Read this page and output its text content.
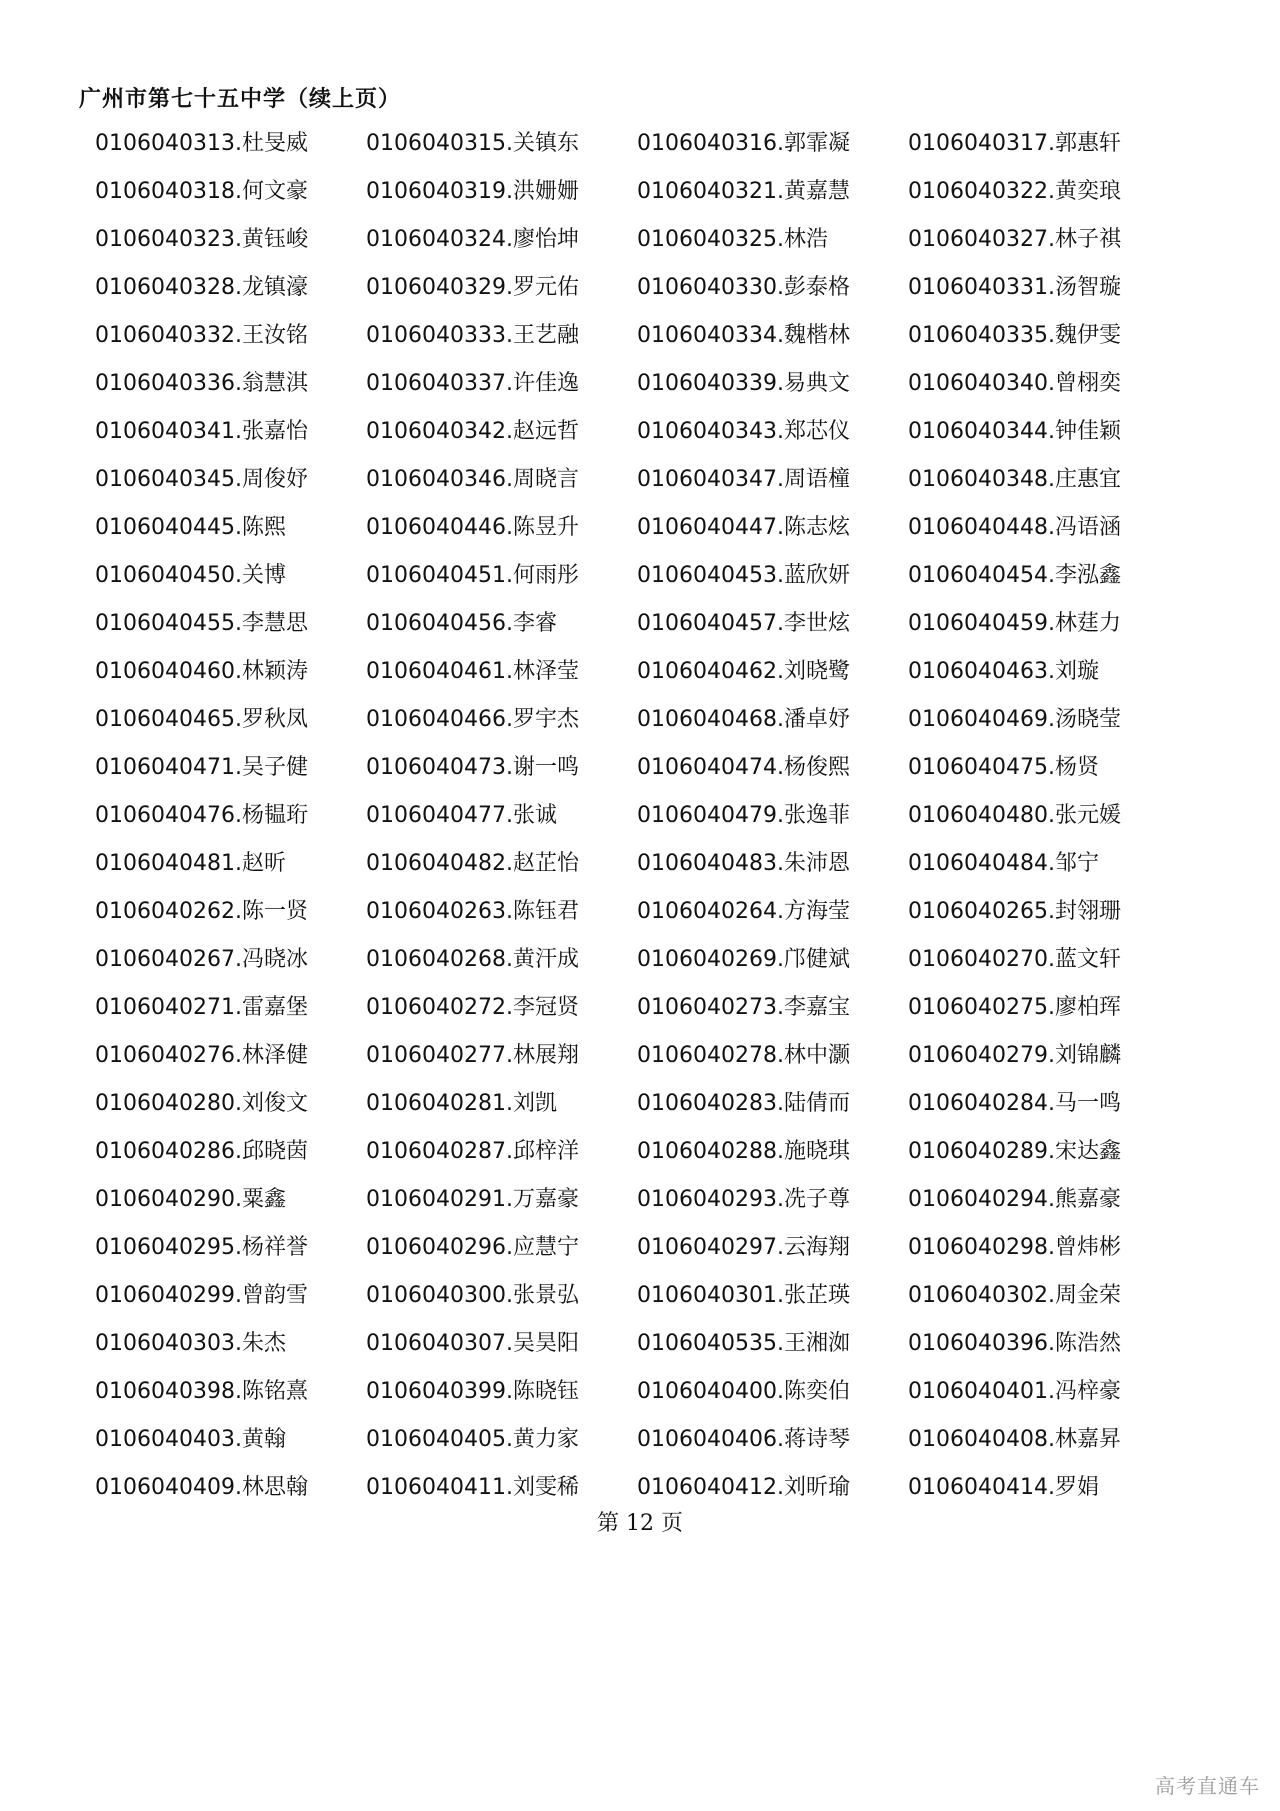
广州市第七十五中学（续上页）
0106040313.杜旻威	0106040315.关镇东	0106040316.郭霏凝	0106040317.郭惠轩
0106040318.何文豪	0106040319.洪姗姗	0106040321.黄嘉慧	0106040322.黄奕琅
0106040323.黄钰峻	0106040324.廖怡坤	0106040325.林浩	0106040327.林子祺
0106040328.龙镇濠	0106040329.罗元佑	0106040330.彭泰格	0106040331.汤智璇
0106040332.王汝铭	0106040333.王艺融	0106040334.魏楷林	0106040335.魏伊雯
0106040336.翁慧淇	0106040337.许佳逸	0106040339.易典文	0106040340.曾栩奕
0106040341.张嘉怡	0106040342.赵远哲	0106040343.郑芯仪	0106040344.钟佳颖
0106040345.周俊妤	0106040346.周晓言	0106040347.周语橦	0106040348.庄惠宜
0106040445.陈熙	0106040446.陈昱升	0106040447.陈志炫	0106040448.冯语涵
0106040450.关博	0106040451.何雨彤	0106040453.蓝欣妍	0106040454.李泓鑫
0106040455.李慧思	0106040456.李睿	0106040457.李世炫	0106040459.林莛力
0106040460.林颖涛	0106040461.林泽莹	0106040462.刘晓鹭	0106040463.刘璇
0106040465.罗秋凤	0106040466.罗宇杰	0106040468.潘卓妤	0106040469.汤晓莹
0106040471.吴子健	0106040473.谢一鸣	0106040474.杨俊熙	0106040475.杨贤
0106040476.杨韫珩	0106040477.张诚	0106040479.张逸菲	0106040480.张元媛
0106040481.赵昕	0106040482.赵芷怡	0106040483.朱沛恩	0106040484.邹宁
0106040262.陈一贤	0106040263.陈钰君	0106040264.方海莹	0106040265.封翎珊
0106040267.冯晓冰	0106040268.黄汗成	0106040269.邝健斌	0106040270.蓝文轩
0106040271.雷嘉堡	0106040272.李冠贤	0106040273.李嘉宝	0106040275.廖柏珲
0106040276.林泽健	0106040277.林展翔	0106040278.林中灏	0106040279.刘锦麟
0106040280.刘俊文	0106040281.刘凯	0106040283.陆倩而	0106040284.马一鸣
0106040286.邱晓茵	0106040287.邱梓洋	0106040288.施晓琪	0106040289.宋达鑫
0106040290.粟鑫	0106040291.万嘉豪	0106040293.冼子尊	0106040294.熊嘉豪
0106040295.杨祥誉	0106040296.应慧宁	0106040297.云海翔	0106040298.曾炜彬
0106040299.曾韵雪	0106040300.张景弘	0106040301.张芷瑛	0106040302.周金荣
0106040303.朱杰	0106040307.吴昊阳	0106040535.王湘洳	0106040396.陈浩然
0106040398.陈铭熹	0106040399.陈晓钰	0106040400.陈奕伯	0106040401.冯梓豪
0106040403.黄翰	0106040405.黄力家	0106040406.蒋诗琴	0106040408.林嘉昇
0106040409.林思翰	0106040411.刘雯稀	0106040412.刘昕瑜	0106040414.罗娟
第 12 页
高考直通车
